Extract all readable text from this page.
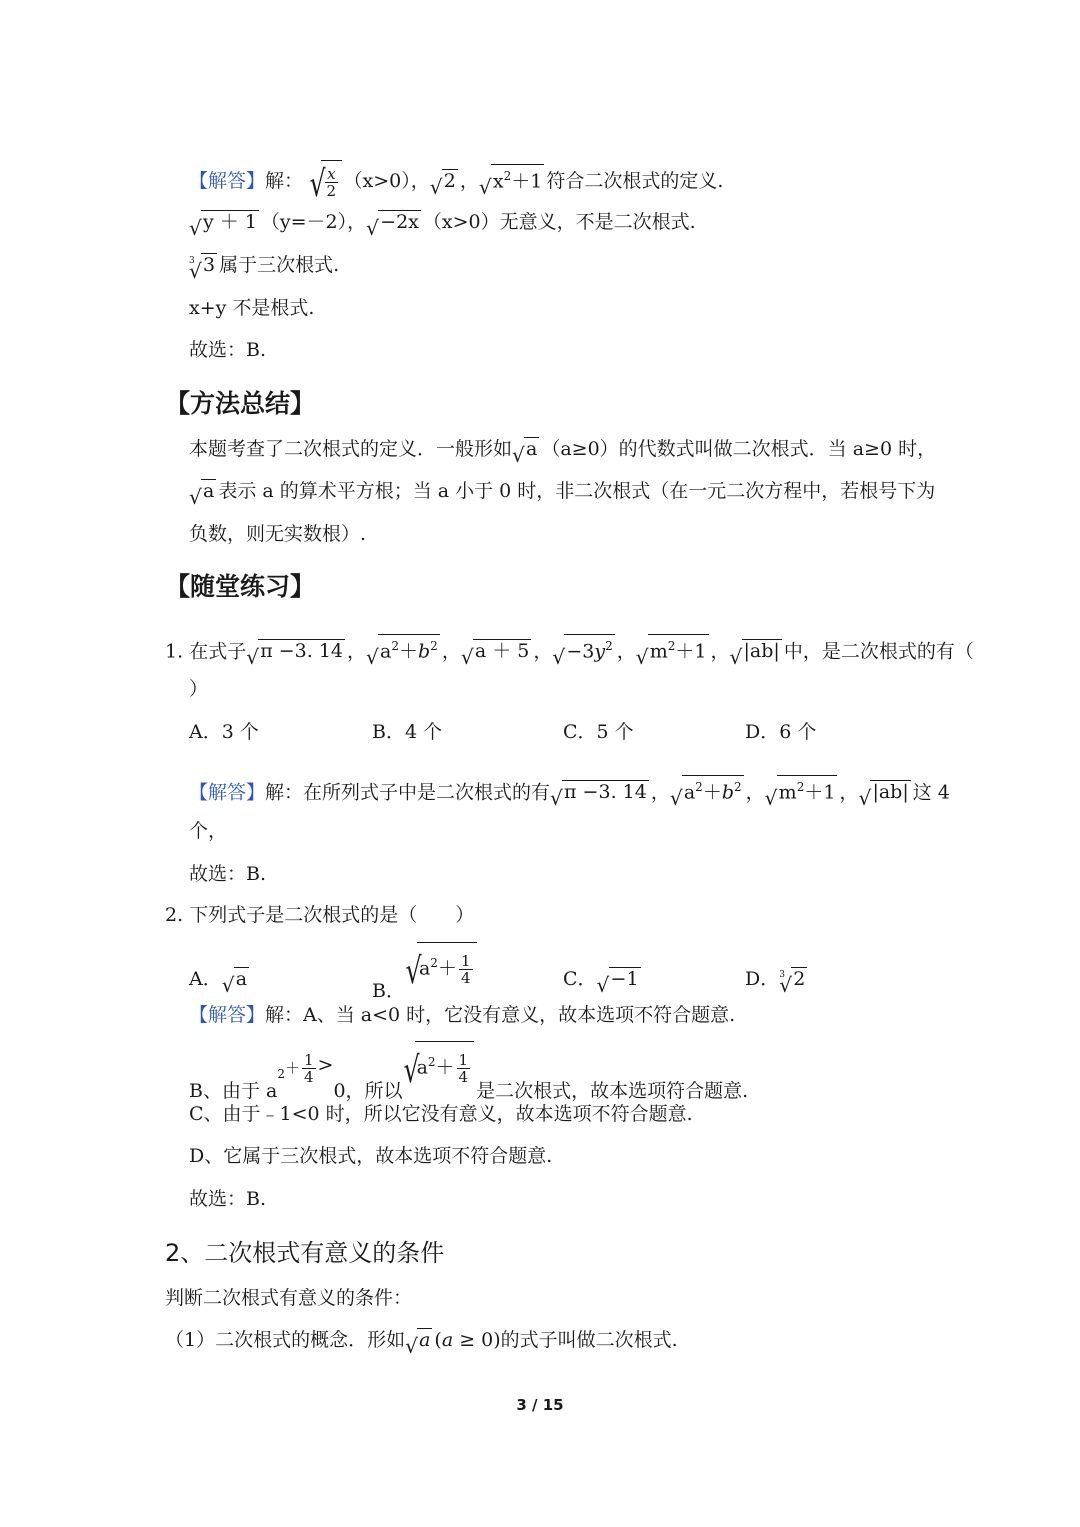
【解答】解： √ $\frac{x}{2} (x>0)$， √ 2 ， √ $x^2+1$ 符合二次根式的定义.
√ y ＋ 1 （y=－2）， √ −2x （x>0）无意义，不是二次根式.
√ 3 3 属于三次根式.
x+y 不是根式.
故选：B.
【方法总结】
本题考查了二次根式的定义．一般形如 √ a （a≥0）的代数式叫做二次根式．当 a≥0 时，
√ a 表示 a 的算术平方根；当 a 小于 0 时，非二次根式（在一元二次方程中，若根号下为
负数，则无实数根）.
【随堂练习】
1. 在式子 √ π −3. 14 ， √ $a^2+b^2$ ， √ a ＋ 5 ， √ $-3y^2$ ， √ $m^2+1$ ， √ |ab| 中，是二次根式的有（
）
A．3 个	B．4 个	C．5 个	D．6 个
【解答】解：在所列式子中是二次根式的有 √ π −3. 14 ， √ $a^2+b^2$ ， √ $m^2+1$ ， √ |ab| 这 4
个，
故选：B.
2. 下列式子是二次根式的是（　　）
A． √ a
B．√ $a^2+ \frac{1}{4}$	C． √ −1	D． √ 3 2
【解答】解：A、当 a<0 时，它没有意义，故本选项不符合题意.
B、由于 $a^2+ \frac{1}{4} >0$，所以√ $a^2+ \frac{1}{4}$
是二次根式，故本选项符合题意.
C、由于﹣1<0 时，所以它没有意义，故本选项不符合题意.
D、它属于三次根式，故本选项不符合题意.
故选：B.
2、二次根式有意义的条件
判断二次根式有意义的条件：
（1）二次根式的概念．形如 √ a (a ≥ 0)的式子叫做二次根式.
3 / 15
